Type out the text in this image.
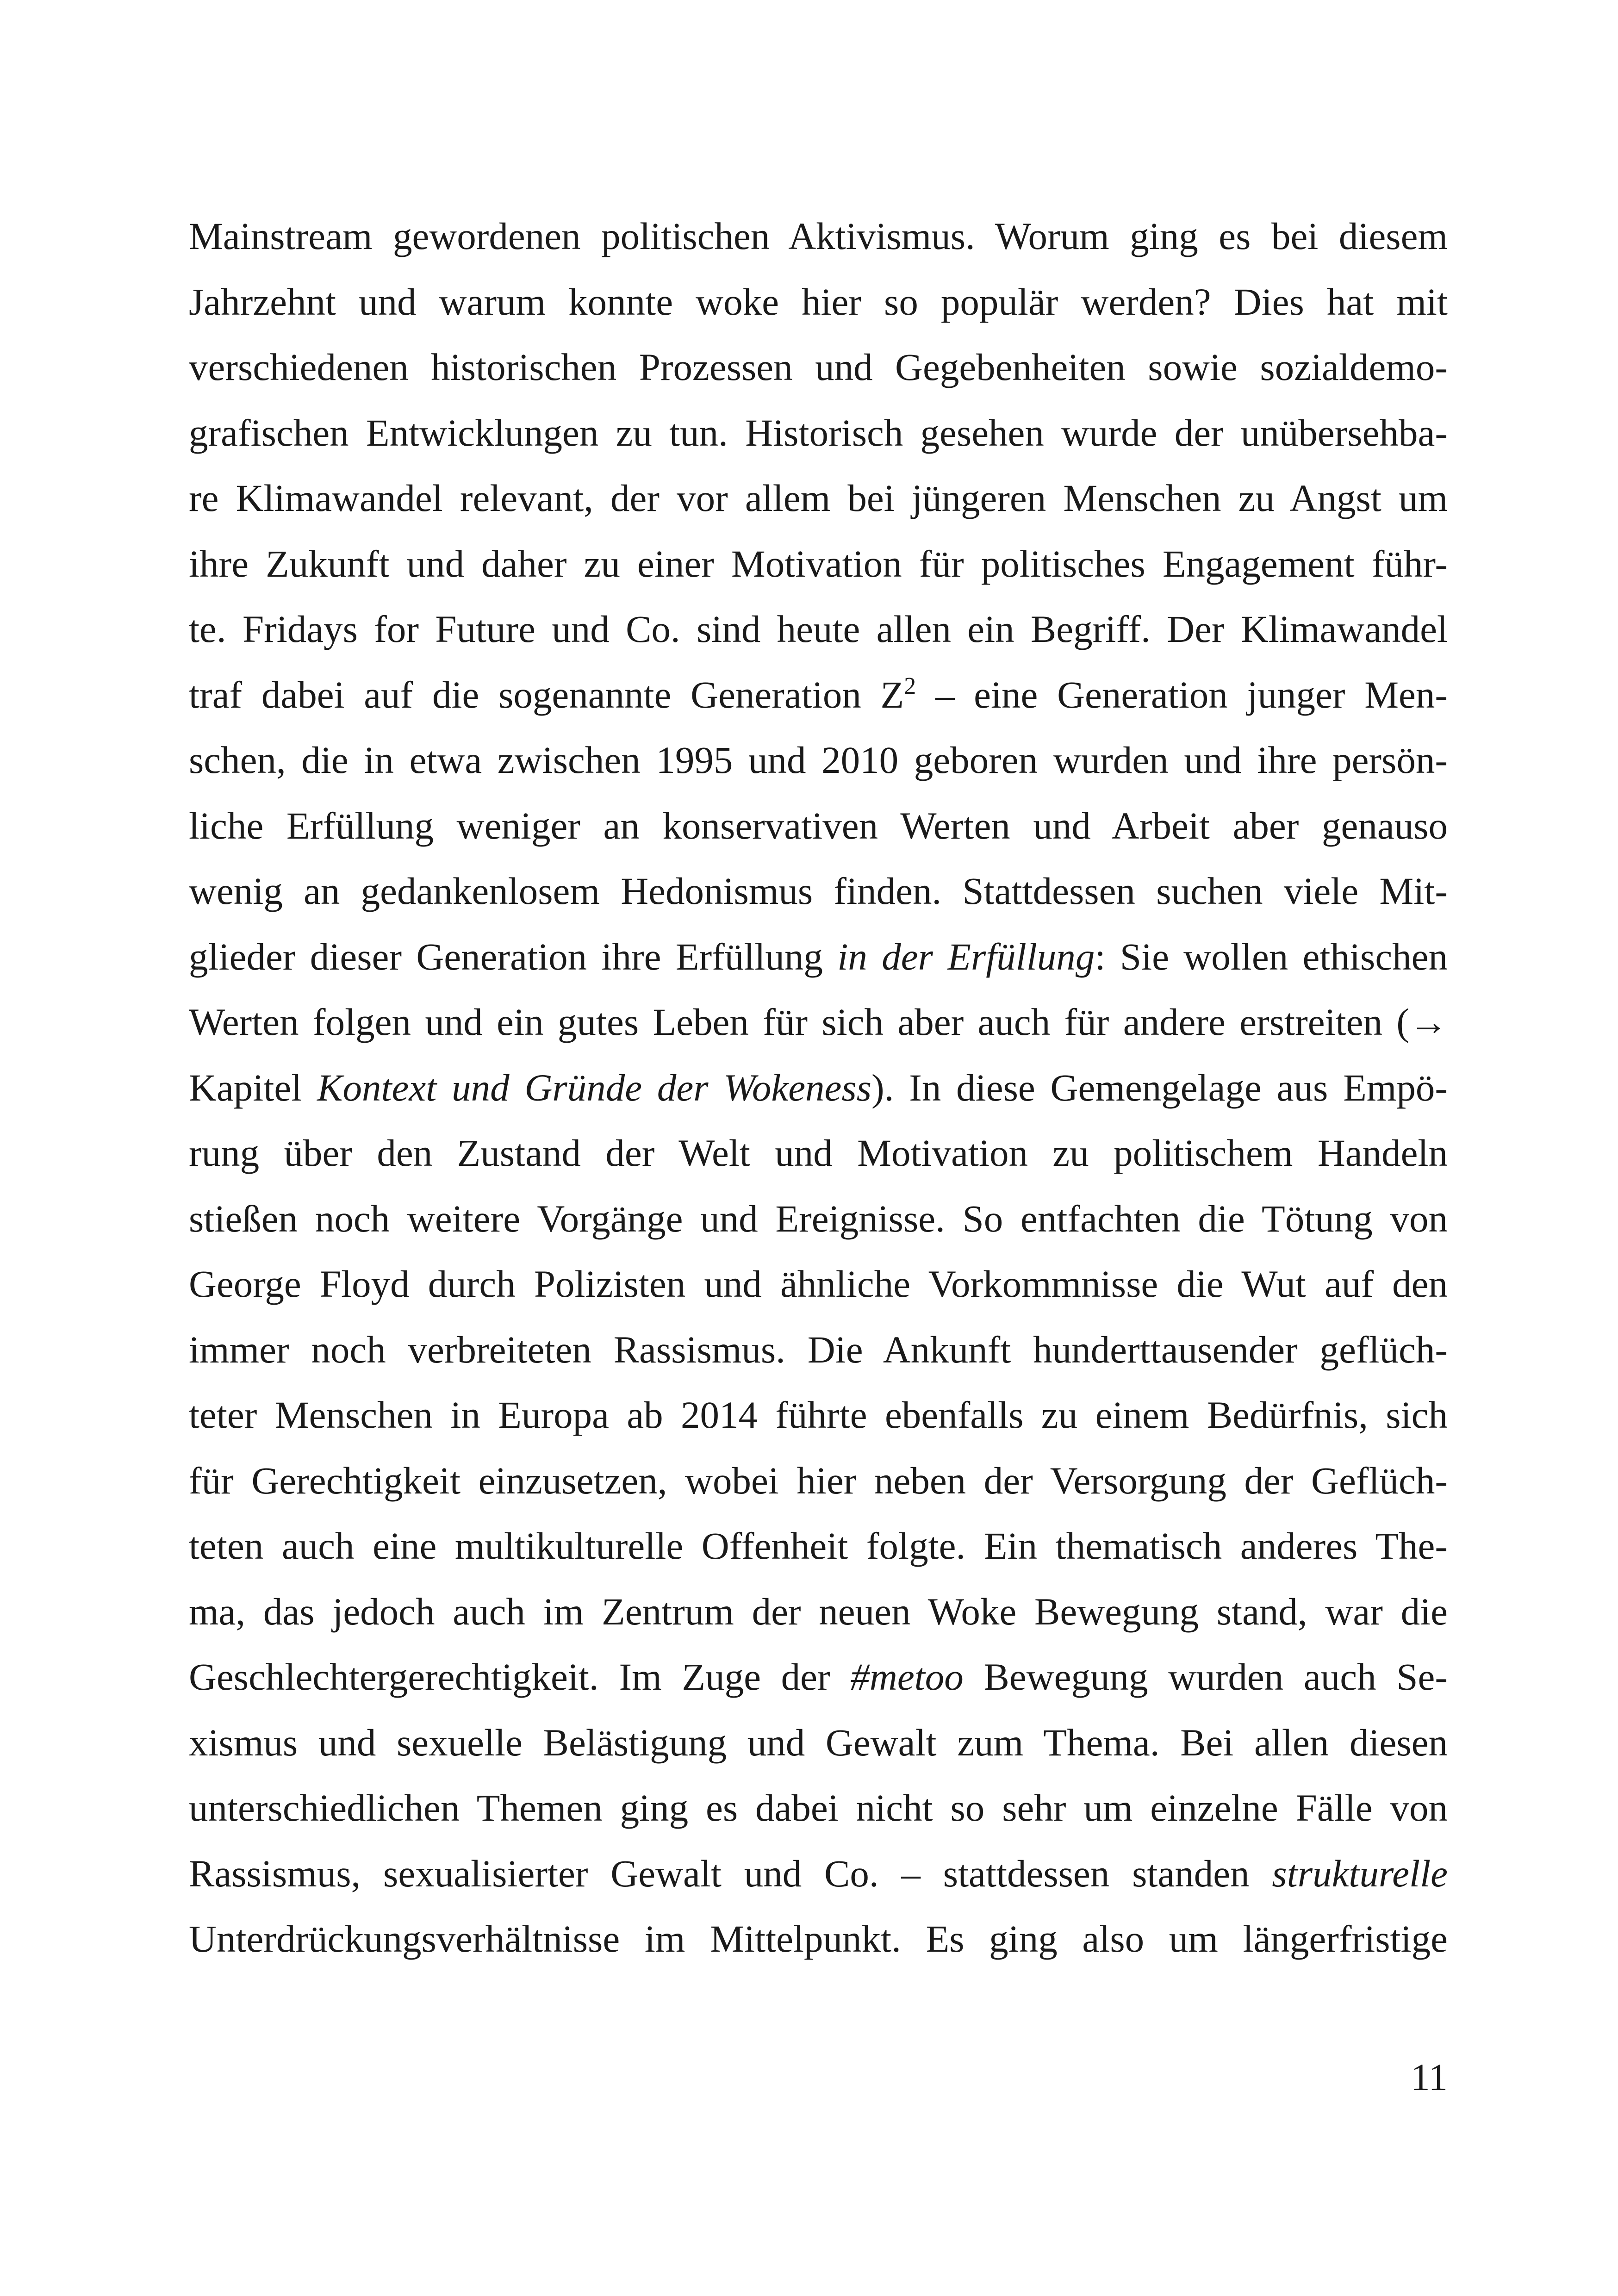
Mainstream gewordenen politischen Aktivismus. Worum ging es bei diesem
Jahrzehnt und warum konnte woke hier so populär werden? Dies hat mit
verschiedenen historischen Prozessen und Gegebenheiten sowie sozialdemo-
grafischen Entwicklungen zu tun. Historisch gesehen wurde der unübersehba-
re Klimawandel relevant, der vor allem bei jüngeren Menschen zu Angst um
ihre Zukunft und daher zu einer Motivation für politisches Engagement führ-
te. Fridays for Future und Co. sind heute allen ein Begriff. Der Klimawandel
traf dabei auf die sogenannte Generation $Z^2$ – eine Generation junger Men-
schen, die in etwa zwischen 1995 und 2010 geboren wurden und ihre persön-
liche Erfüllung weniger an konservativen Werten und Arbeit aber genauso
wenig an gedankenlosem Hedonismus finden. Stattdessen suchen viele Mit-
glieder dieser Generation ihre Erfüllung in der Erfüllung: Sie wollen ethischen
Werten folgen und ein gutes Leben für sich aber auch für andere erstreiten (→
Kapitel Kontext und Gründe der Wokeness). In diese Gemengelage aus Empö-
rung über den Zustand der Welt und Motivation zu politischem Handeln
stießen noch weitere Vorgänge und Ereignisse. So entfachten die Tötung von
George Floyd durch Polizisten und ähnliche Vorkommnisse die Wut auf den
immer noch verbreiteten Rassismus. Die Ankunft hunderttausender geflüch-
teter Menschen in Europa ab 2014 führte ebenfalls zu einem Bedürfnis, sich
für Gerechtigkeit einzusetzen, wobei hier neben der Versorgung der Geflüch-
teten auch eine multikulturelle Offenheit folgte. Ein thematisch anderes The-
ma, das jedoch auch im Zentrum der neuen Woke Bewegung stand, war die
Geschlechtergerechtigkeit. Im Zuge der #metoo Bewegung wurden auch Se-
xismus und sexuelle Belästigung und Gewalt zum Thema. Bei allen diesen
unterschiedlichen Themen ging es dabei nicht so sehr um einzelne Fälle von
Rassismus, sexualisierter Gewalt und Co. – stattdessen standen strukturelle
Unterdrückungsverhältnisse im Mittelpunkt. Es ging also um längerfristige
11
